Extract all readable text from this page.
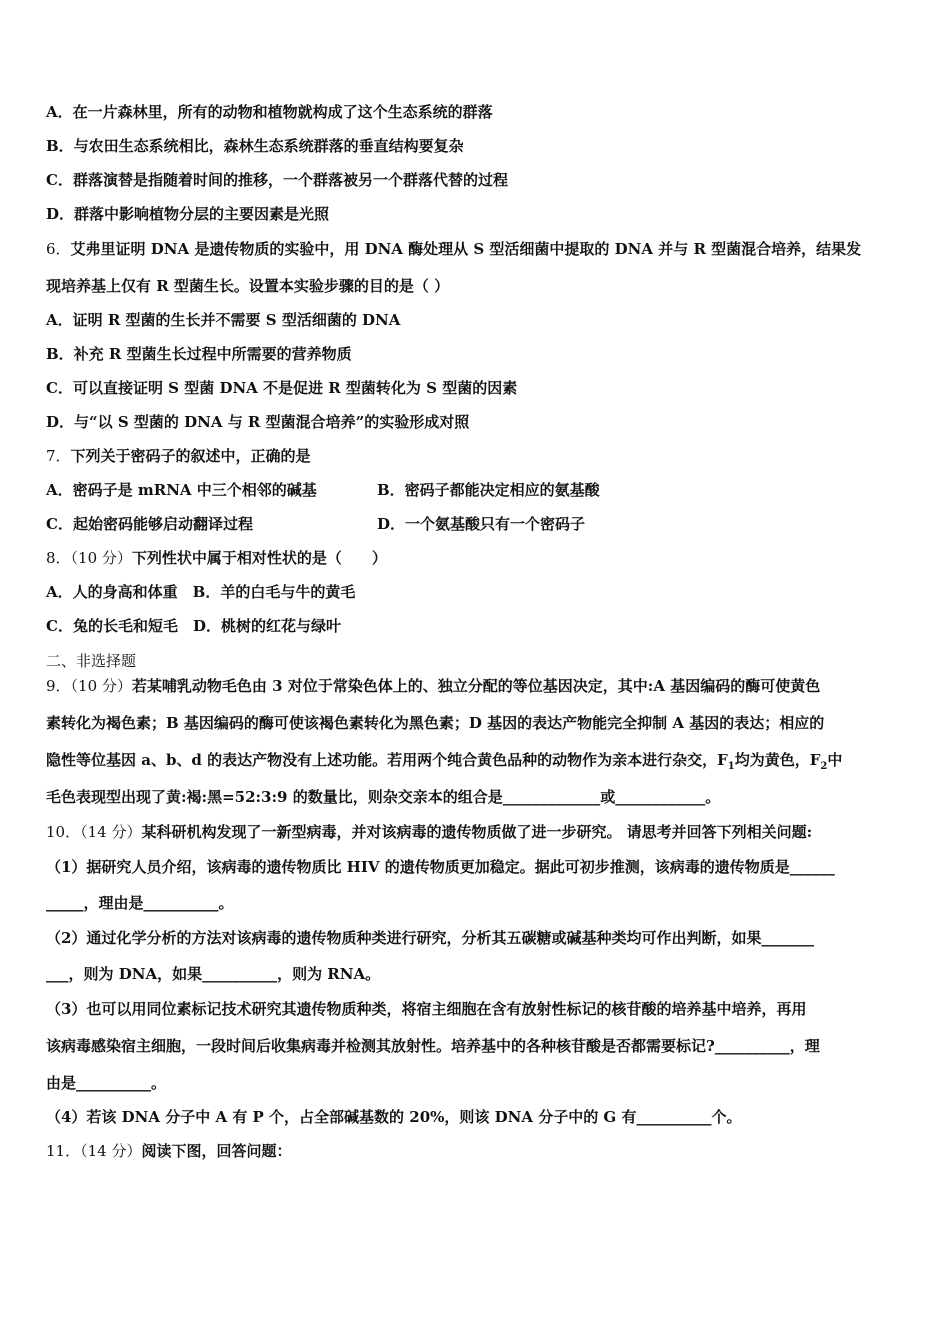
A．在一片森林里，所有的动物和植物就构成了这个生态系统的群落
B．与农田生态系统相比，森林生态系统群落的垂直结构要复杂
C．群落演替是指随着时间的推移，一个群落被另一个群落代替的过程
D．群落中影响植物分层的主要因素是光照
6．艾弗里证明 DNA 是遗传物质的实验中，用 DNA 酶处理从 S 型活细菌中提取的 DNA 并与 R 型菌混合培养，结果发
现培养基上仅有 R 型菌生长。设置本实验步骤的目的是（ ）
A．证明 R 型菌的生长并不需要 S 型活细菌的 DNA
B．补充 R 型菌生长过程中所需要的营养物质
C．可以直接证明 S 型菌 DNA 不是促进 R 型菌转化为 S 型菌的因素
D．与“以 S 型菌的 DNA 与 R 型菌混合培养”的实验形成对照
7．下列关于密码子的叙述中，正确的是
A．密码子是 mRNA 中三个相邻的碱基	B．密码子都能决定相应的氨基酸
C．起始密码能够启动翻译过程	D．一个氨基酸只有一个密码子
8．（10 分）下列性状中属于相对性状的是（　　）
A．人的身高和体重　B．羊的白毛与牛的黄毛
C．兔的长毛和短毛　D．桃树的红花与绿叶
二、非选择题
9．（10 分）若某哺乳动物毛色由 3 对位于常染色体上的、独立分配的等位基因决定，其中:A 基因编码的酶可使黄色
素转化为褐色素；B 基因编码的酶可使该褐色素转化为黑色素；D 基因的表达产物能完全抑制 A 基因的表达；相应的
隐性等位基因 a、b、d 的表达产物没有上述功能。若用两个纯合黄色品种的动物作为亲本进行杂交，$F_1$均为黄色，$F_2$中
毛色表现型出现了黄:褐:黑=52:3:9 的数量比，则杂交亲本的组合是_____________或____________。
10．（14 分）某科研机构发现了一新型病毒，并对该病毒的遗传物质做了进一步研究。 请思考并回答下列相关问题:
（1）据研究人员介绍，该病毒的遗传物质比 HIV 的遗传物质更加稳定。据此可初步推测，该病毒的遗传物质是______
_____，理由是__________。
（2）通过化学分析的方法对该病毒的遗传物质种类进行研究，分析其五碳糖或碱基种类均可作出判断，如果_______
___，则为 DNA，如果__________，则为 RNA。
（3）也可以用同位素标记技术研究其遗传物质种类，将宿主细胞在含有放射性标记的核苷酸的培养基中培养，再用
该病毒感染宿主细胞，一段时间后收集病毒并检测其放射性。培养基中的各种核苷酸是否都需要标记?__________，理
由是__________。
（4）若该 DNA 分子中 A 有 P 个，占全部碱基数的 20%，则该 DNA 分子中的 G 有__________个。
11．（14 分）阅读下图，回答问题：
